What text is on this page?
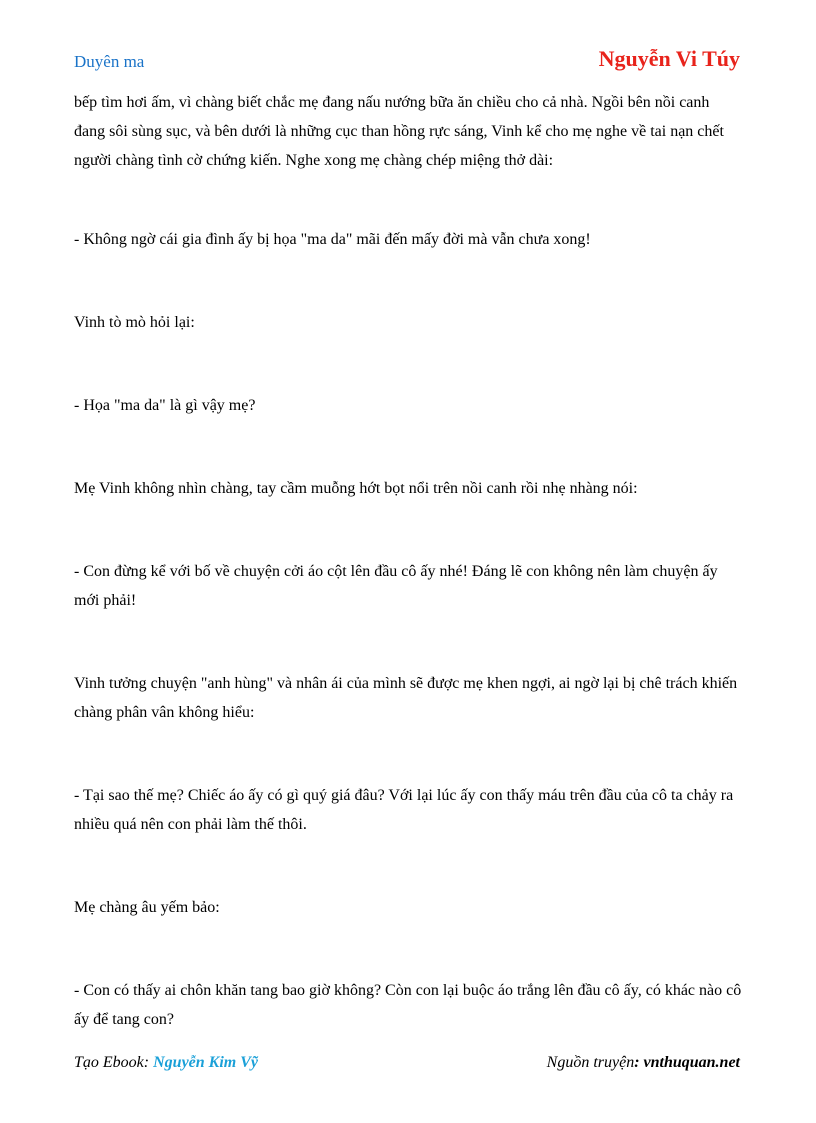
Duyên ma	Nguyễn Vi Túy

bếp tìm hơi ấm, vì chàng biết chắc mẹ đang nấu nướng bữa ăn chiều cho cả nhà. Ngồi bên nồi canh đang sôi sùng sục, và bên dưới là những cục than hồng rực sáng, Vinh kể cho mẹ nghe về tai nạn chết người chàng tình cờ chứng kiến. Nghe xong mẹ chàng chép miệng thở dài:

- Không ngờ cái gia đình ấy bị họa "ma da" mãi đến mấy đời mà vẫn chưa xong!

Vinh tò mò hỏi lại:

- Họa "ma da" là gì vậy mẹ?

Mẹ Vinh không nhìn chàng, tay cầm muỗng hớt bọt nổi trên nồi canh rồi nhẹ nhàng nói:

- Con đừng kể với bố về chuyện cởi áo cột lên đầu cô ấy nhé! Đáng lẽ con không nên làm chuyện ấy mới phải!

Vinh tưởng chuyện "anh hùng" và nhân ái của mình sẽ được mẹ khen ngợi, ai ngờ lại bị chê trách khiến chàng phân vân không hiểu:

- Tại sao thế mẹ? Chiếc áo ấy có gì quý giá đâu? Với lại lúc ấy con thấy máu trên đầu của cô ta chảy ra nhiều quá nên con phải làm thế thôi.

Mẹ chàng âu yếm bảo:

- Con có thấy ai chôn khăn tang bao giờ không? Còn con lại buộc áo trắng lên đầu cô ấy, có khác nào cô ấy để tang con?

Tạo Ebook: Nguyễn Kim Vỹ	Nguồn truyện: vnthuquan.net
